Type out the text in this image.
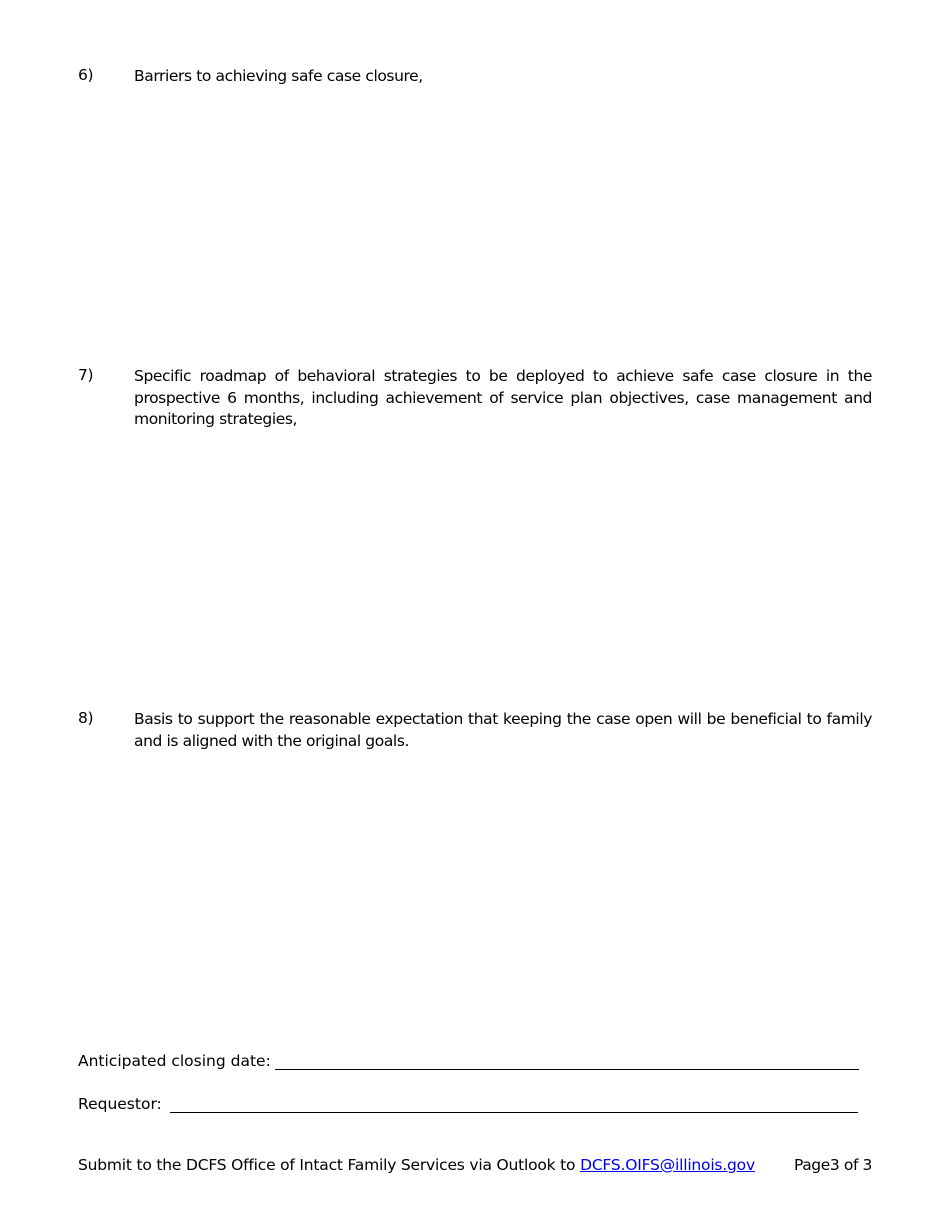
6)	Barriers to achieving safe case closure,
7)	Specific roadmap of behavioral strategies to be deployed to achieve safe case closure in the prospective 6 months, including achievement of service plan objectives, case management and monitoring strategies,
8)	Basis to support the reasonable expectation that keeping the case open will be beneficial to family and is aligned with the original goals.
Anticipated closing date:
Requestor:
Submit to the DCFS Office of Intact Family Services via Outlook to DCFS.OIFS@illinois.gov	Page3 of 3
